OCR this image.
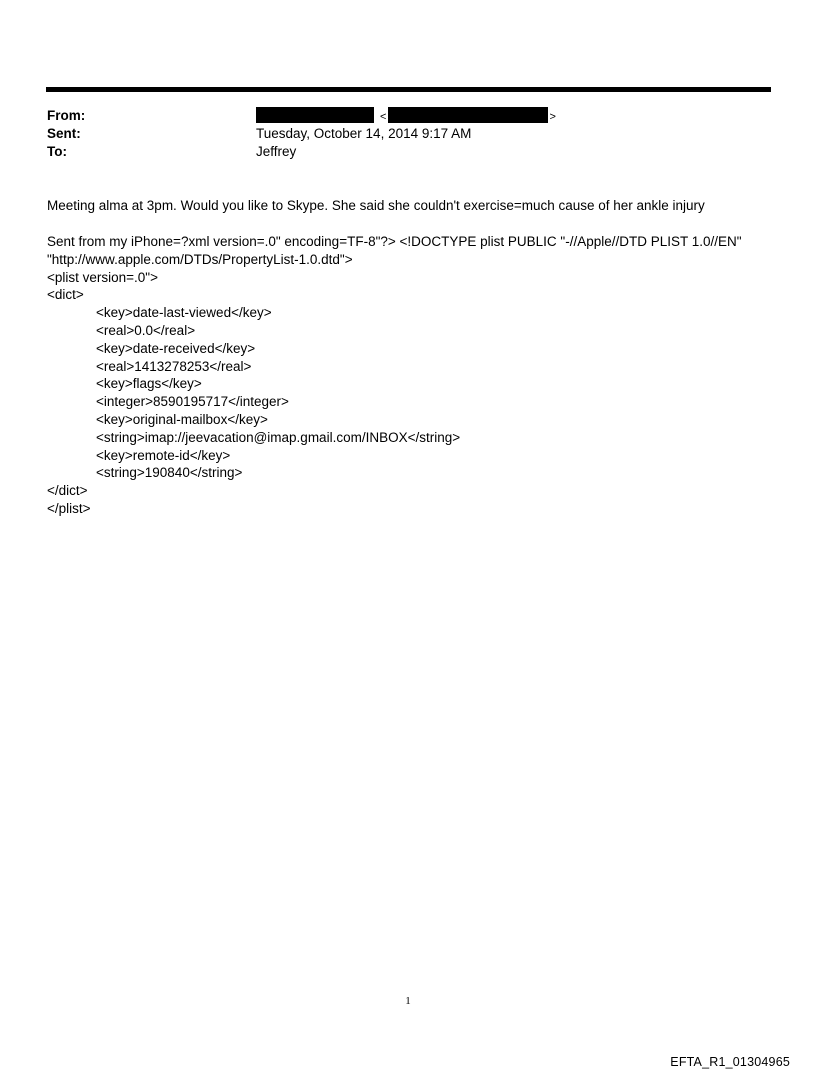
From:	<	>
Sent:	Tuesday, October 14, 2014 9:17 AM
To:	Jeffrey
Meeting alma at 3pm. Would you like to Skype. She said she couldn't exercise=much cause of her ankle injury
Sent from my iPhone=?xml version=.0" encoding=TF-8"?> <!DOCTYPE plist PUBLIC "-//Apple//DTD PLIST 1.0//EN"
"http://www.apple.com/DTDs/PropertyList-1.0.dtd">
<plist version=.0">
<dict>
<key>date-last-viewed</key>
<real>0.0</real>
<key>date-received</key>
<real>1413278253</real>
<key>flags</key>
<integer>8590195717</integer>
<key>original-mailbox</key>
<string>imap://jeevacation@imap.gmail.com/INBOX</string>
<key>remote-id</key>
<string>190840</string>
</dict>
</plist>
1
EFTA_R1_01304965
